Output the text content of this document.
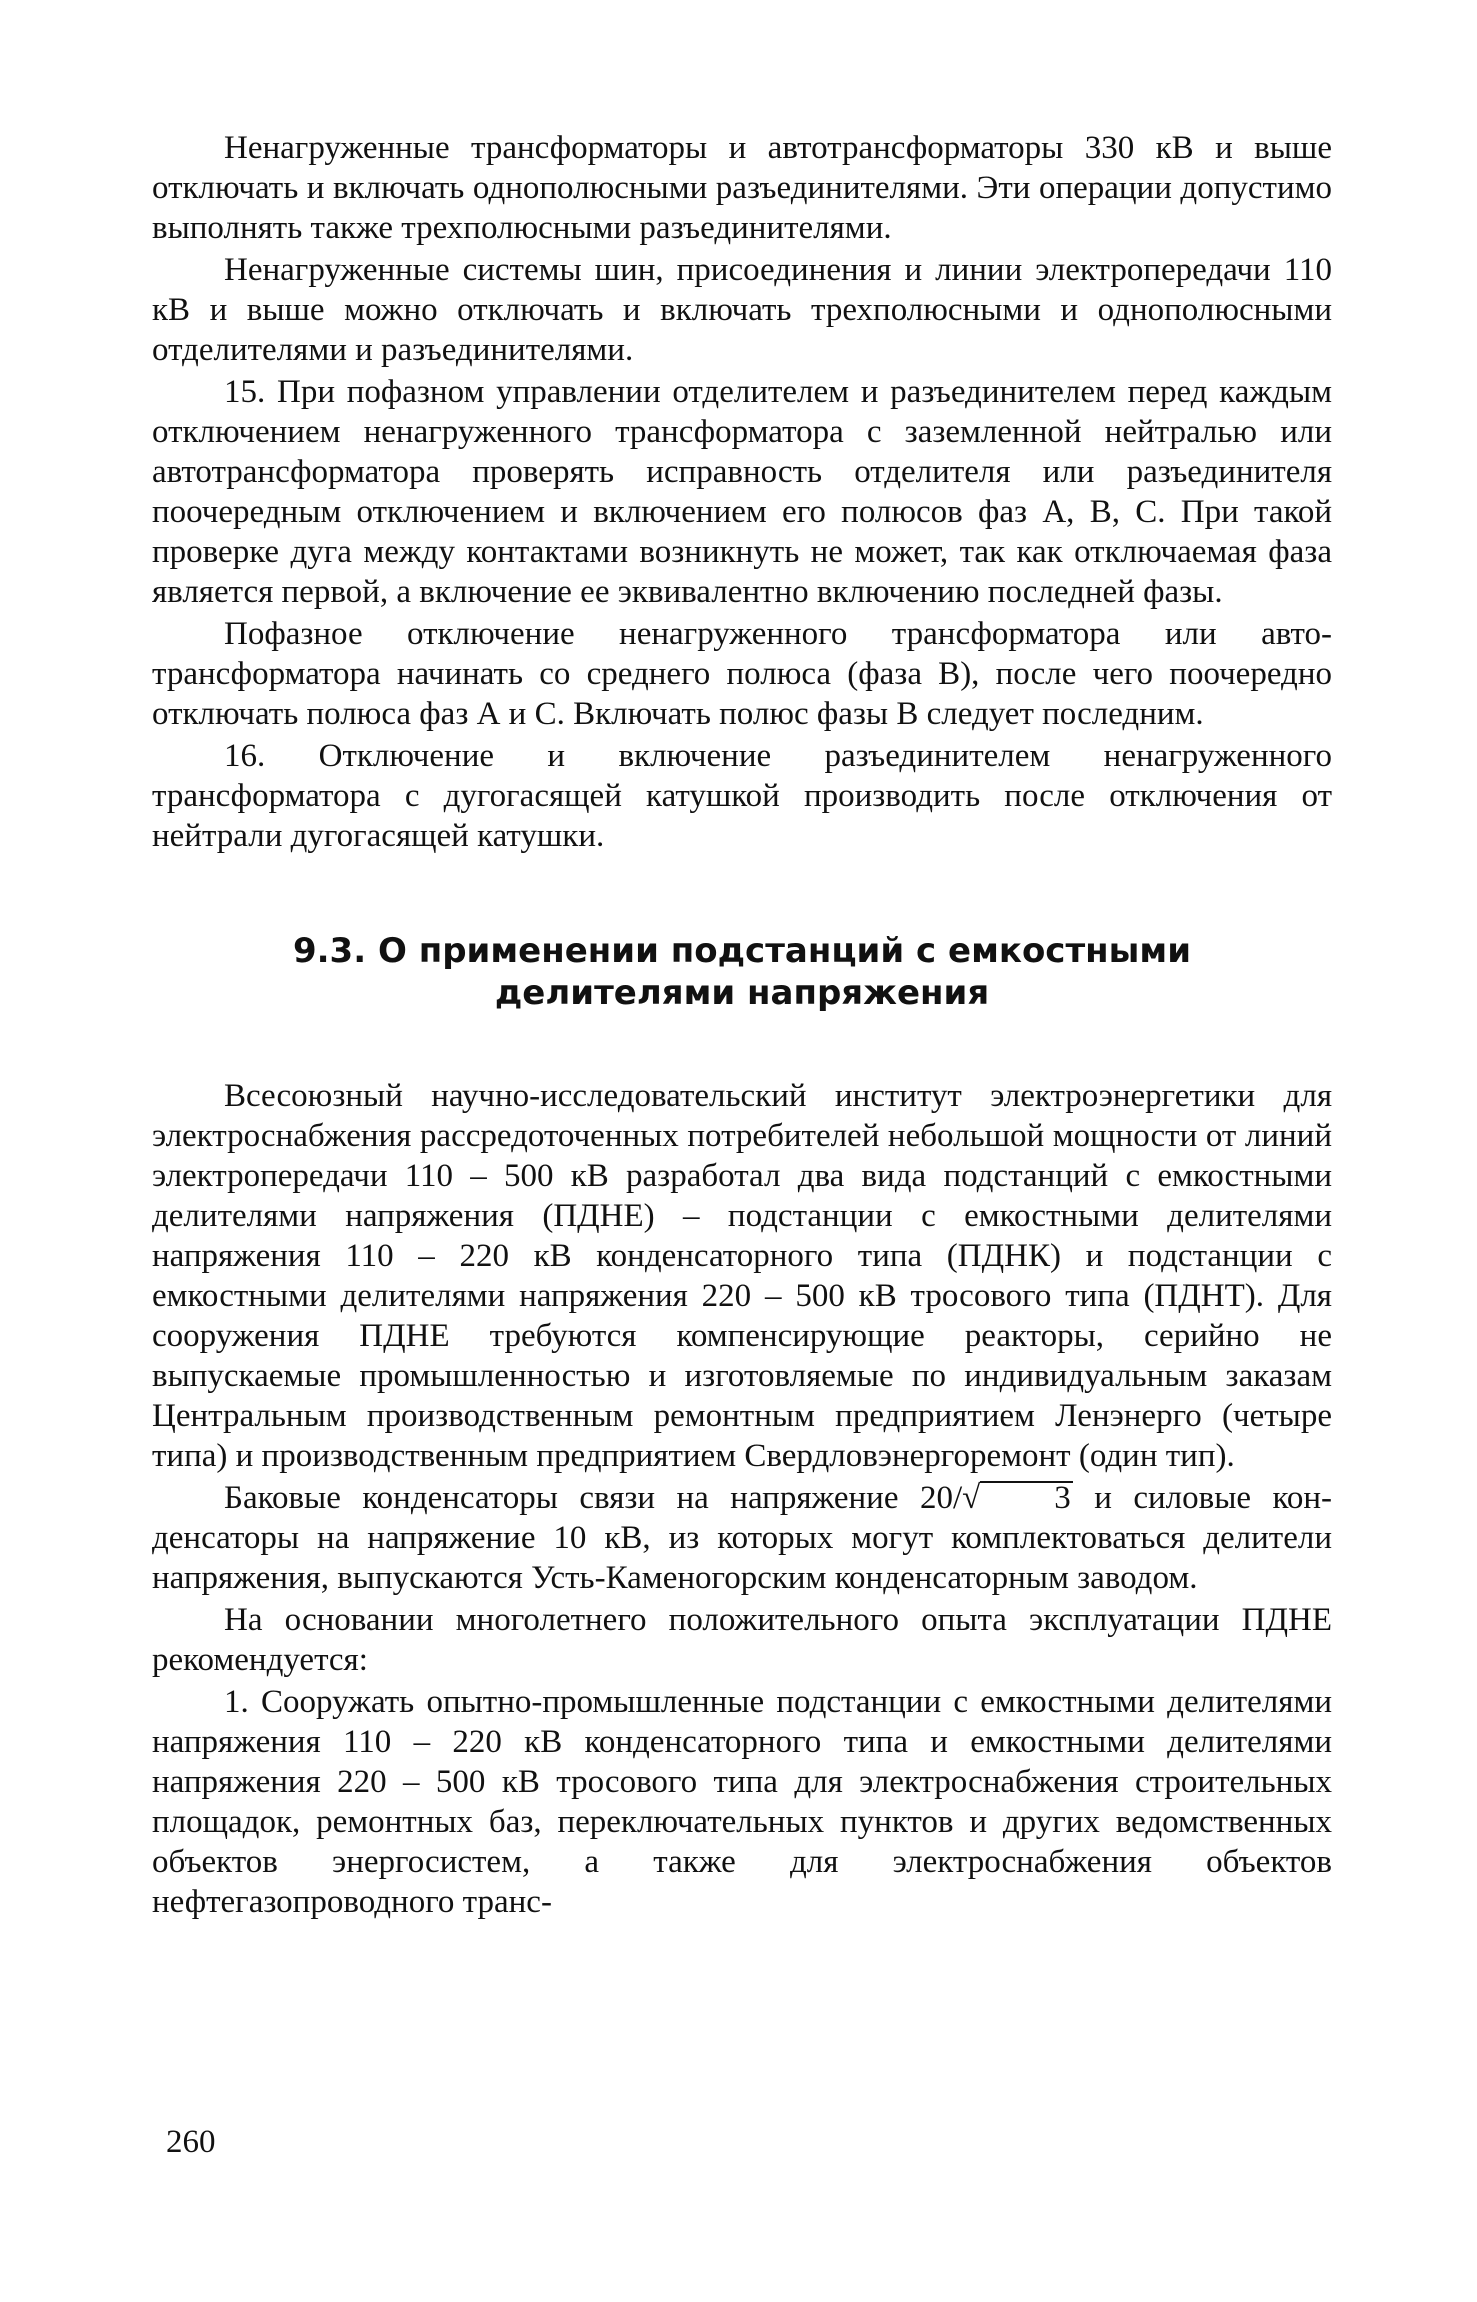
Ненагруженные трансформаторы и автотрансформаторы 330 кВ и выше отключать и включать однополюсными разъединителями. Эти операции допустимо выполнять также трехполюсными разъединителями.

Ненагруженные системы шин, присоединения и линии электропередачи 110 кВ и выше можно отключать и включать трехполюсными и однополюсными отделителями и разъединителями.

15. При пофазном управлении отделителем и разъединителем перед каждым отключением ненагруженного трансформатора с заземленной нейтралью или автотрансформатора проверять исправность отделителя или разъединителя поочередным отключением и включением его полюсов фаз А, В, С. При такой проверке дуга между контактами возникнуть не может, так как отключаемая фаза является первой, а включение ее эквивалентно включению последней фазы.

Пофазное отключение ненагруженного трансформатора или автотрансформатора начинать со среднего полюса (фаза В), после чего поочередно отключать полюса фаз А и С. Включать полюс фазы В следует последним.

16. Отключение и включение разъединителем ненагруженного трансформатора с дугогасящей катушкой производить после отключения от нейтрали дугогасящей катушки.

9.3. О применении подстанций с емкостными
делителями напряжения

Всесоюзный научно-исследовательский институт электроэнергетики для электроснабжения рассредоточенных потребителей небольшой мощности от линий электропередачи 110 – 500 кВ разработал два вида подстанций с емкостными делителями напряжения (ПДНЕ) – подстанции с емкостными делителями напряжения 110 – 220 кВ конденсаторного типа (ПДНК) и подстанции с емкостными делителями напряжения 220 – 500 кВ тросового типа (ПДНТ). Для сооружения ПДНЕ требуются компенсирующие реакторы, серийно не выпускаемые промышленностью и изготовляемые по индивидуальным заказам Центральным производственным ремонтным предприятием Ленэнерго (четыре типа) и производственным предприятием Свердловэнергоремонт (один тип).

Баковые конденсаторы связи на напряжение 20/√ 3 и силовые конденсаторы на напряжение 10 кВ, из которых могут комплектоваться делители напряжения, выпускаются Усть-Каменогорским конденсаторным заводом.

На основании многолетнего положительного опыта эксплуатации ПДНЕ рекомендуется:

1. Сооружать опытно-промышленные подстанции с емкостными делителями напряжения 110 – 220 кВ конденсаторного типа и емкостными делителями напряжения 220 – 500 кВ тросового типа для электроснабжения строительных площадок, ремонтных баз, переключательных пунктов и других ведомственных объектов энергосистем, а также для электроснабжения объектов нефтегазопроводного транс-

260
